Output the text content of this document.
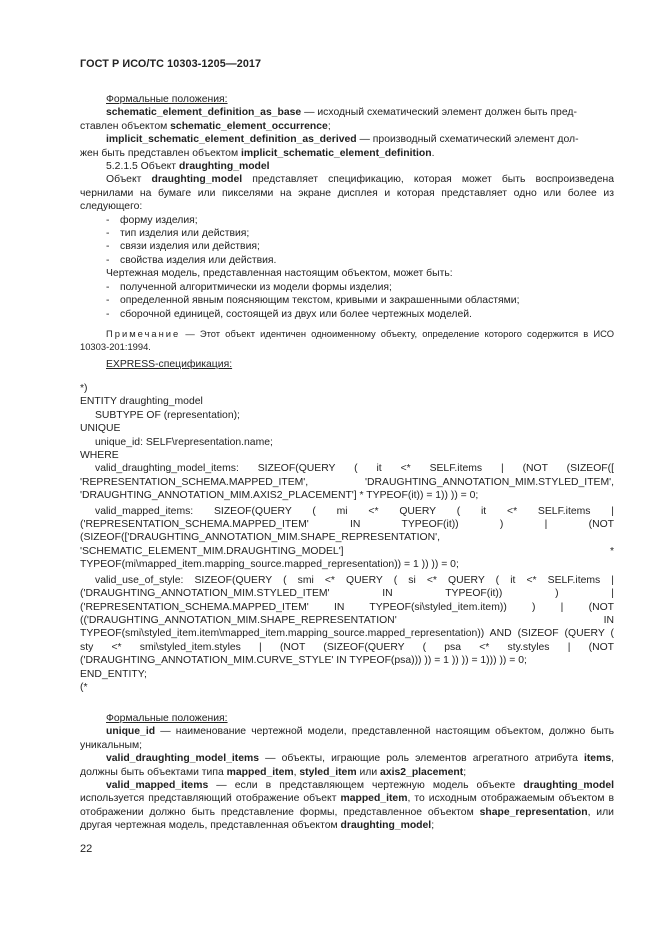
ГОСТ Р ИСО/ТС 10303-1205—2017

Формальные положения:

schematic_element_definition_as_base — исходный схематический элемент должен быть пред-
ставлен объектом schematic_element_occurrence;

implicit_schematic_element_definition_as_derived — производный схематический элемент дол-
жен быть представлен объектом implicit_schematic_element_definition.

5.2.1.5 Объект draughting_model

Объект draughting_model представляет спецификацию, которая может быть воспроизведена чернилами на бумаге или пикселями на экране дисплея и которая представляет одно или более из следующего:

- форму изделия;

- тип изделия или действия;

- связи изделия или действия;

- свойства изделия или действия.

Чертежная модель, представленная настоящим объектом, может быть:

- полученной алгоритмически из модели формы изделия;

- определенной явным поясняющим текстом, кривыми и закрашенными областями;

- сборочной единицей, состоящей из двух или более чертежных моделей.

Примечание — Этот объект идентичен одноименному объекту, определение которого содержится в ИСО 10303-201:1994.

EXPRESS-спецификация:

*)

ENTITY draughting_model

SUBTYPE OF (representation);

UNIQUE

unique_id: SELF\representation.name;

WHERE

valid_draughting_model_items: SIZEOF(QUERY ( it <* SELF.items | (NOT (SIZEOF([ 'REPRESENTATION_SCHEMA.MAPPED_ITEM', 'DRAUGHTING_ANNOTATION_MIM.STYLED_ITEM', 'DRAUGHTING_ANNOTATION_MIM.AXIS2_PLACEMENT'] * TYPEOF(it)) = 1)) )) = 0;

valid_mapped_items: SIZEOF(QUERY ( mi <* QUERY ( it <* SELF.items | ('REPRESENTATION_SCHEMA.MAPPED_ITEM' IN TYPEOF(it)) ) | (NOT (SIZEOF(['DRAUGHTING_ANNOTATION_MIM.SHAPE_REPRESENTATION', 'SCHEMATIC_ELEMENT_MIM.DRAUGHTING_MODEL'] * TYPEOF(mi\mapped_item.mapping_source.mapped_representation)) = 1 )) )) = 0;

valid_use_of_style: SIZEOF(QUERY ( smi <* QUERY ( si <* QUERY ( it <* SELF.items | ('DRAUGHTING_ANNOTATION_MIM.STYLED_ITEM' IN TYPEOF(it)) ) | ('REPRESENTATION_SCHEMA.MAPPED_ITEM' IN TYPEOF(si\styled_item.item)) ) | (NOT (('DRAUGHTING_ANNOTATION_MIM.SHAPE_REPRESENTATION' IN TYPEOF(smi\styled_item.item\mapped_item.mapping_source.mapped_representation)) AND (SIZEOF (QUERY ( sty <* smi\styled_item.styles | (NOT (SIZEOF(QUERY ( psa <* sty.styles | (NOT ('DRAUGHTING_ANNOTATION_MIM.CURVE_STYLE' IN TYPEOF(psa))) )) = 1 )) )) = 1))) )) = 0;

END_ENTITY;

(*

Формальные положения:

unique_id — наименование чертежной модели, представленной настоящим объектом, должно быть уникальным;

valid_draughting_model_items — объекты, играющие роль элементов агрегатного атрибута items, должны быть объектами типа mapped_item, styled_item или axis2_placement;

valid_mapped_items — если в представляющем чертежную модель объекте draughting_model используется представляющий отображение объект mapped_item, то исходным отображаемым объектом в отображении должно быть представление формы, представленное объектом shape_representation, или другая чертежная модель, представленная объектом draughting_model;

22
